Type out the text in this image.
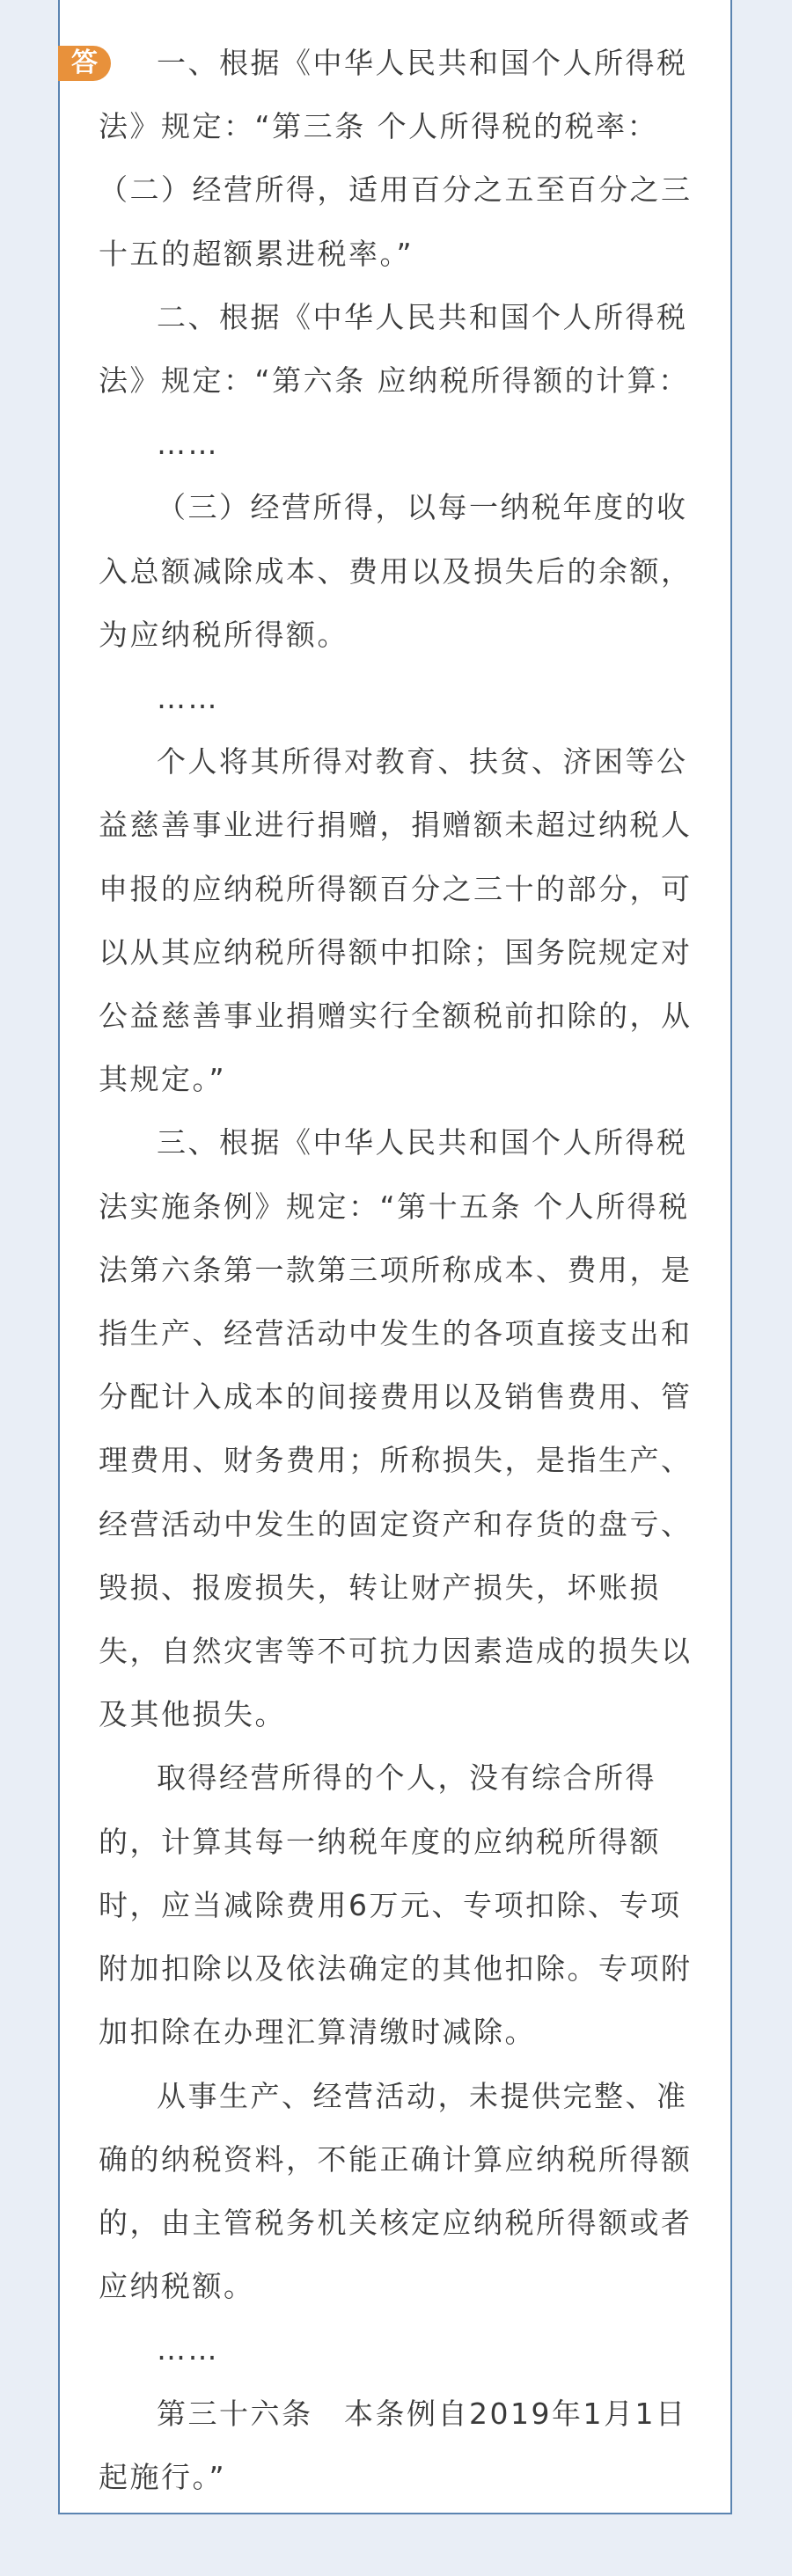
答	一、根据《中华人民共和国个人所得税法》规定：“第三条 个人所得税的税率：（二）经营所得，适用百分之五至百分之三十五的超额累进税率。”

二、根据《中华人民共和国个人所得税法》规定：“第六条 应纳税所得额的计算：

……

（三）经营所得，以每一纳税年度的收入总额减除成本、费用以及损失后的余额，为应纳税所得额。

……

个人将其所得对教育、扶贫、济困等公益慈善事业进行捐赠，捐赠额未超过纳税人申报的应纳税所得额百分之三十的部分，可以从其应纳税所得额中扣除；国务院规定对公益慈善事业捐赠实行全额税前扣除的，从其规定。”

三、根据《中华人民共和国个人所得税法实施条例》规定：“第十五条 个人所得税法第六条第一款第三项所称成本、费用，是指生产、经营活动中发生的各项直接支出和分配计入成本的间接费用以及销售费用、管理费用、财务费用；所称损失，是指生产、经营活动中发生的固定资产和存货的盘亏、毁损、报废损失，转让财产损失，坏账损失，自然灾害等不可抗力因素造成的损失以及其他损失。

取得经营所得的个人，没有综合所得的，计算其每一纳税年度的应纳税所得额时，应当减除费用6万元、专项扣除、专项附加扣除以及依法确定的其他扣除。专项附加扣除在办理汇算清缴时减除。

从事生产、经营活动，未提供完整、准确的纳税资料，不能正确计算应纳税所得额的，由主管税务机关核定应纳税所得额或者应纳税额。

……

第三十六条　本条例自2019年1月1日起施行。”
